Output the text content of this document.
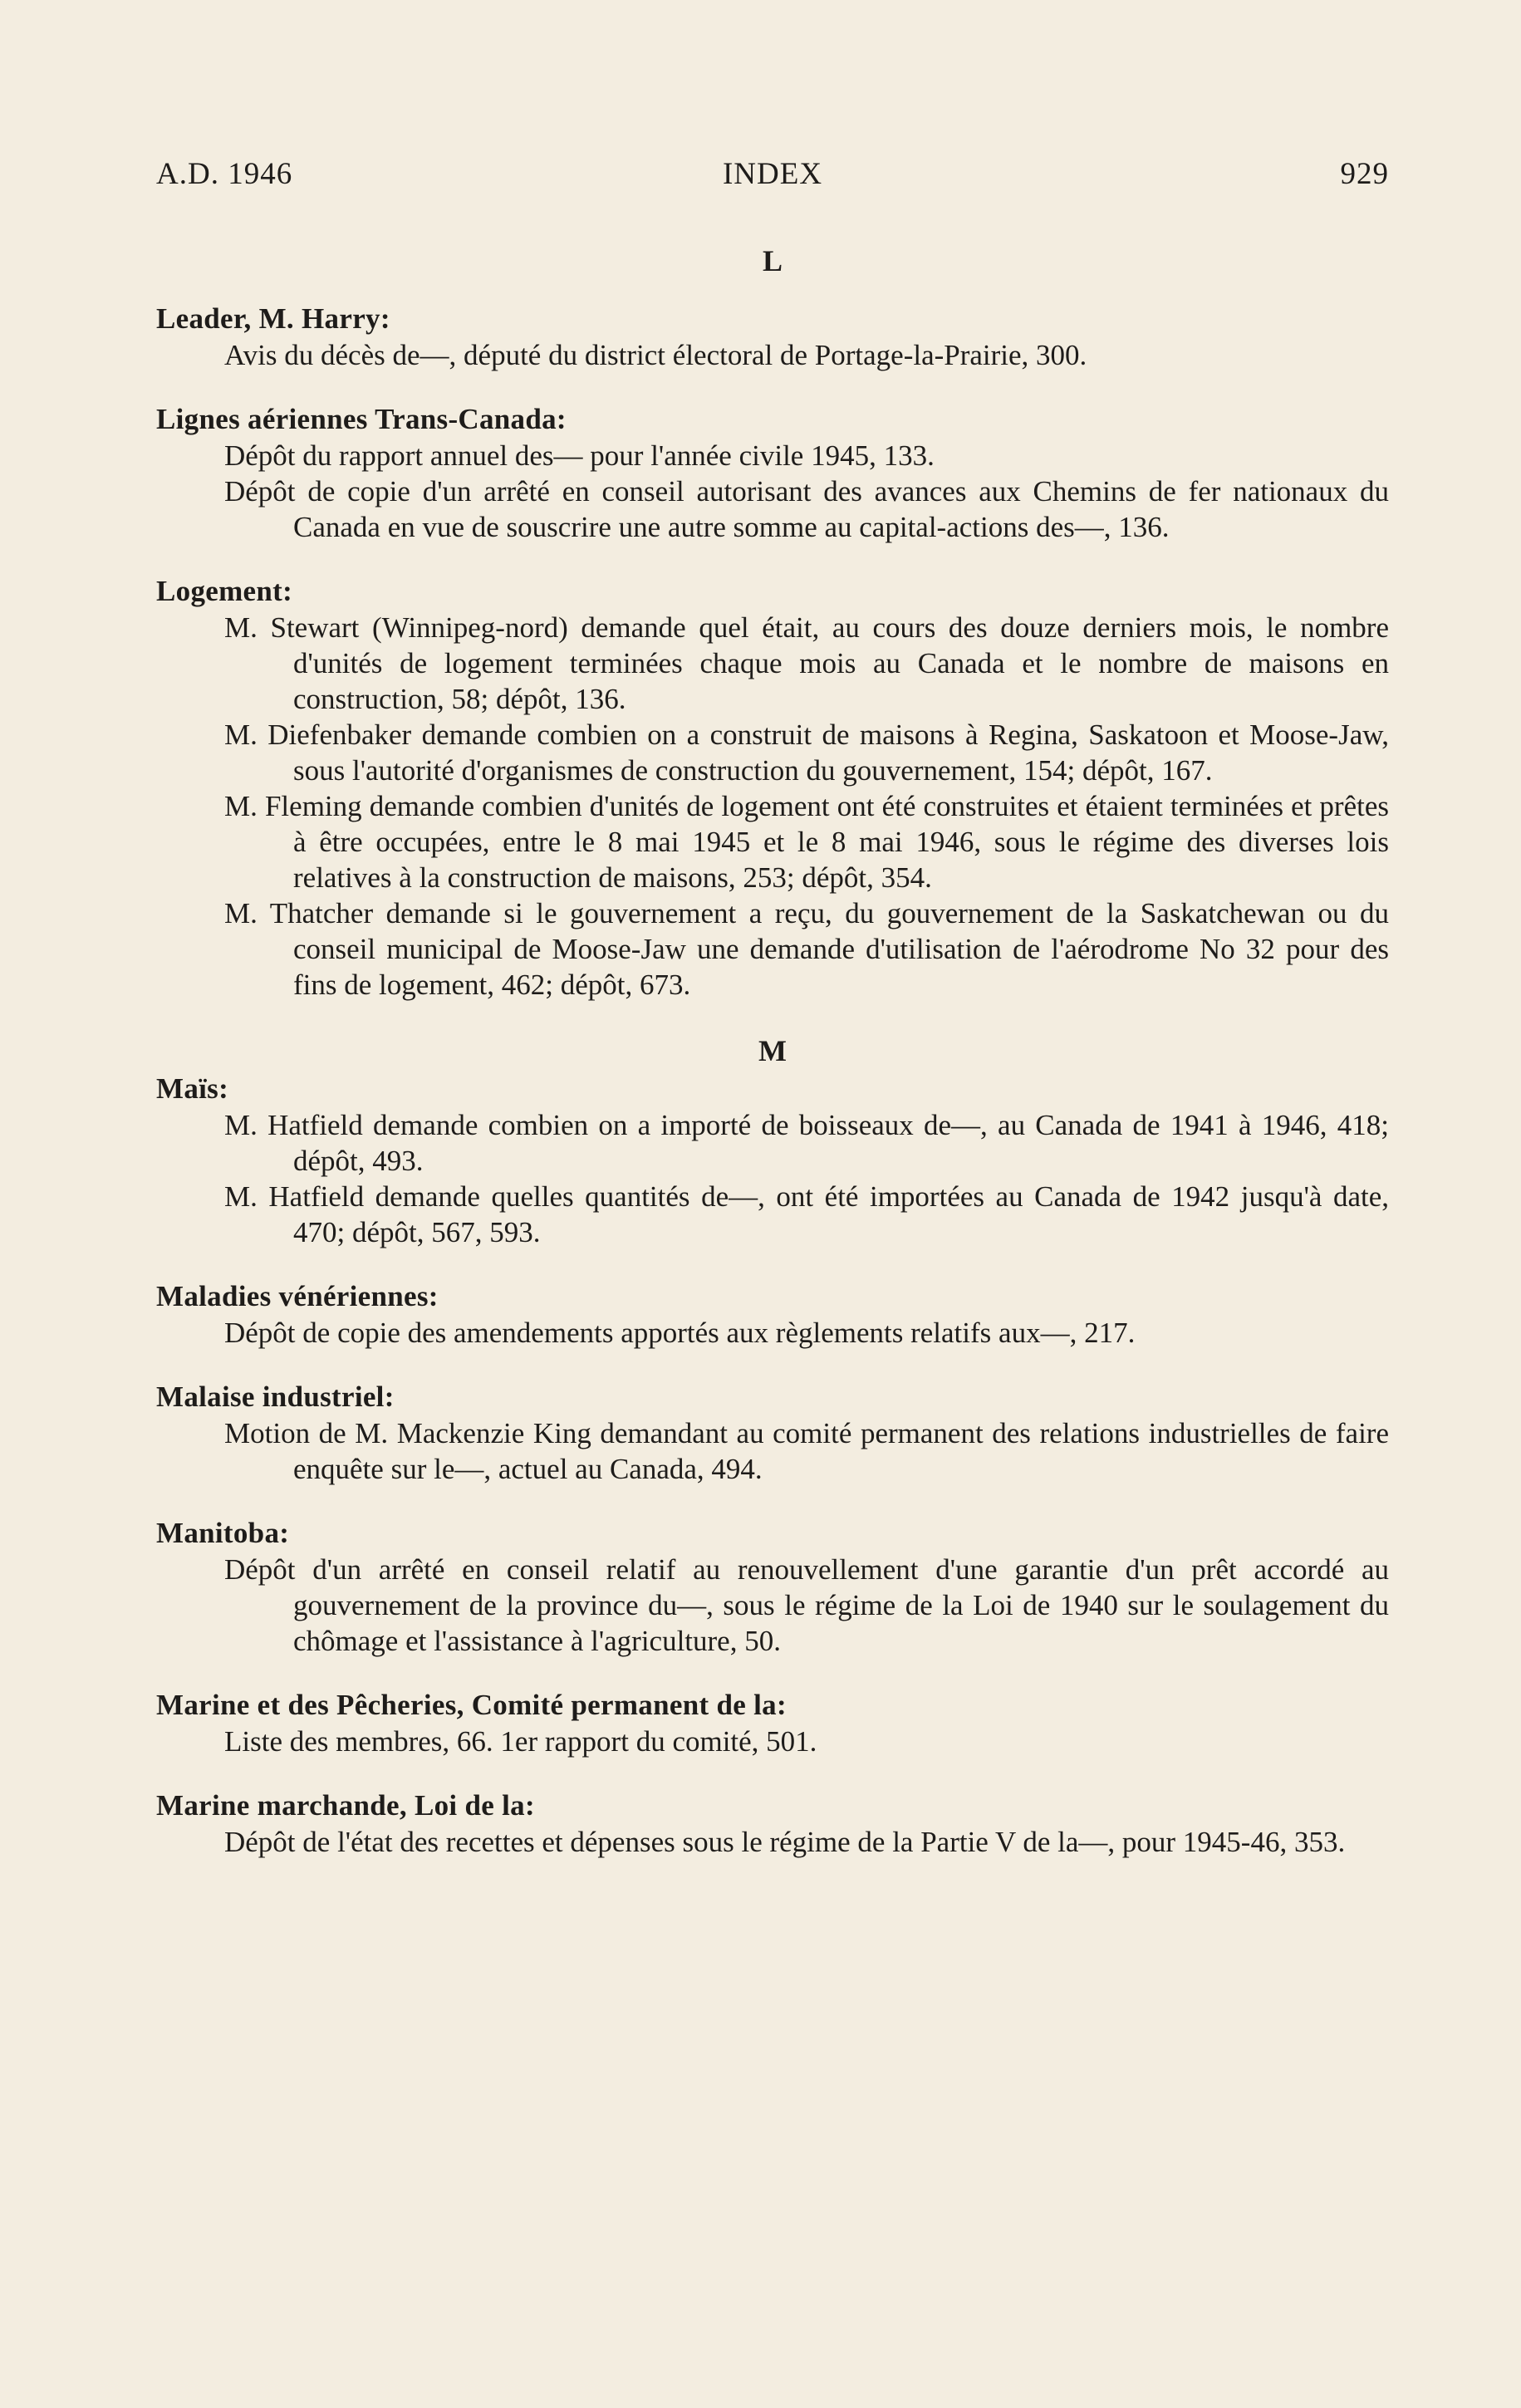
A.D. 1946	INDEX	929
L
Leader, M. Harry:

Avis du décès de—, député du district électoral de Portage-la-Prairie, 300.

Lignes aériennes Trans-Canada:

Dépôt du rapport annuel des— pour l'année civile 1945, 133.

Dépôt de copie d'un arrêté en conseil autorisant des avances aux Chemins de fer nationaux du Canada en vue de souscrire une autre somme au capital-actions des—, 136.

Logement:

M. Stewart (Winnipeg-nord) demande quel était, au cours des douze derniers mois, le nombre d'unités de logement terminées chaque mois au Canada et le nombre de maisons en construction, 58; dépôt, 136.

M. Diefenbaker demande combien on a construit de maisons à Regina, Saskatoon et Moose-Jaw, sous l'autorité d'organismes de construction du gouvernement, 154; dépôt, 167.

M. Fleming demande combien d'unités de logement ont été construites et étaient terminées et prêtes à être occupées, entre le 8 mai 1945 et le 8 mai 1946, sous le régime des diverses lois relatives à la construction de maisons, 253; dépôt, 354.

M. Thatcher demande si le gouvernement a reçu, du gouvernement de la Saskatchewan ou du conseil municipal de Moose-Jaw une demande d'utilisation de l'aérodrome No 32 pour des fins de logement, 462; dépôt, 673.

M
Maïs:

M. Hatfield demande combien on a importé de boisseaux de—, au Canada de 1941 à 1946, 418; dépôt, 493.

M. Hatfield demande quelles quantités de—, ont été importées au Canada de 1942 jusqu'à date, 470; dépôt, 567, 593.

Maladies vénériennes:

Dépôt de copie des amendements apportés aux règlements relatifs aux—, 217.

Malaise industriel:

Motion de M. Mackenzie King demandant au comité permanent des relations industrielles de faire enquête sur le—, actuel au Canada, 494.

Manitoba:

Dépôt d'un arrêté en conseil relatif au renouvellement d'une garantie d'un prêt accordé au gouvernement de la province du—, sous le régime de la Loi de 1940 sur le soulagement du chômage et l'assistance à l'agriculture, 50.

Marine et des Pêcheries, Comité permanent de la:

Liste des membres, 66. 1er rapport du comité, 501.

Marine marchande, Loi de la:

Dépôt de l'état des recettes et dépenses sous le régime de la Partie V de la—, pour 1945-46, 353.
